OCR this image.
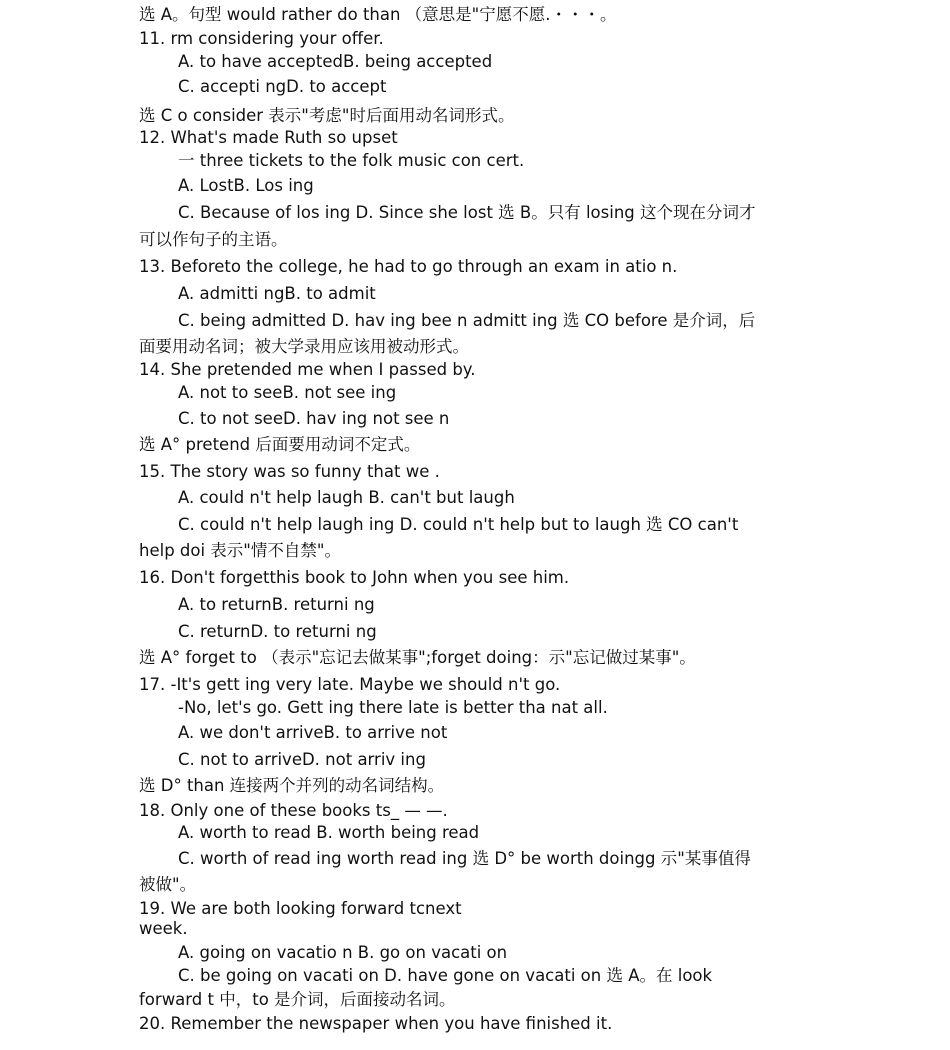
选 A。句型 would rather do than （意思是"宁愿不愿.・・・。
11. rm considering your offer.
A. to have acceptedB. being accepted
C. accepti ngD. to accept
选 C o consider 表示"考虑"时后面用动名词形式。
12. What's made Ruth so upset
一 three tickets to the folk music con cert.
A. LostB. Los ing
C. Because of los ing D. Since she lost 选 B。只有 losing 这个现在分词才
可以作句子的主语。
13. Beforeto the college, he had to go through an exam in atio n.
A. admitti ngB. to admit
C. being admitted D. hav ing bee n admitt ing 选 CO before 是介词，后
面要用动名词；被大学录用应该用被动形式。
14. She pretended me when I passed by.
A. not to seeB. not see ing
C. to not seeD. hav ing not see n
选 A° pretend 后面要用动词不定式。
15. The story was so funny that we .
A. could n't help laugh B. can't but laugh
C. could n't help laugh ing D. could n't help but to laugh 选 CO can't
help doi 表示"情不自禁"。
16. Don't forgetthis book to John when you see him.
A. to returnB. returni ng
C. returnD. to returni ng
选 A° forget to （表示"忘记去做某事";forget doing：示"忘记做过某事"。
17. -It's gett ing very late. Maybe we should n't go.
-No, let's go. Gett ing there late is better tha nat all.
A. we don't arriveB. to arrive not
C. not to arriveD. not arriv ing
选 D° than 连接两个并列的动名词结构。
18. Only one of these books ts_ — —.
A. worth to read B. worth being read
C. worth of read ing worth read ing 选 D° be worth doingg 示"某事值得
被做"。
19. We are both looking forward tcnext
week.
A. going on vacatio n B. go on vacati on
C. be going on vacati on D. have gone on vacati on 选 A。在 look
forward t 中，to 是介词，后面接动名词。
20. Remember the newspaper when you have finished it.
